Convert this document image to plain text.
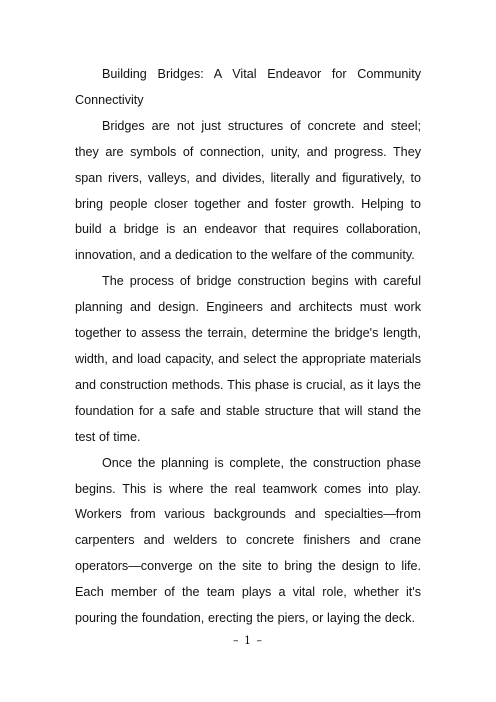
Building Bridges: A Vital Endeavor for Community Connectivity

Bridges are not just structures of concrete and steel; they are symbols of connection, unity, and progress. They span rivers, valleys, and divides, literally and figuratively, to bring people closer together and foster growth. Helping to build a bridge is an endeavor that requires collaboration, innovation, and a dedication to the welfare of the community.

The process of bridge construction begins with careful planning and design. Engineers and architects must work together to assess the terrain, determine the bridge's length, width, and load capacity, and select the appropriate materials and construction methods. This phase is crucial, as it lays the foundation for a safe and stable structure that will stand the test of time.

Once the planning is complete, the construction phase begins. This is where the real teamwork comes into play. Workers from various backgrounds and specialties—from carpenters and welders to concrete finishers and crane operators—converge on the site to bring the design to life. Each member of the team plays a vital role, whether it's pouring the foundation, erecting the piers, or laying the deck.

– 1 –
